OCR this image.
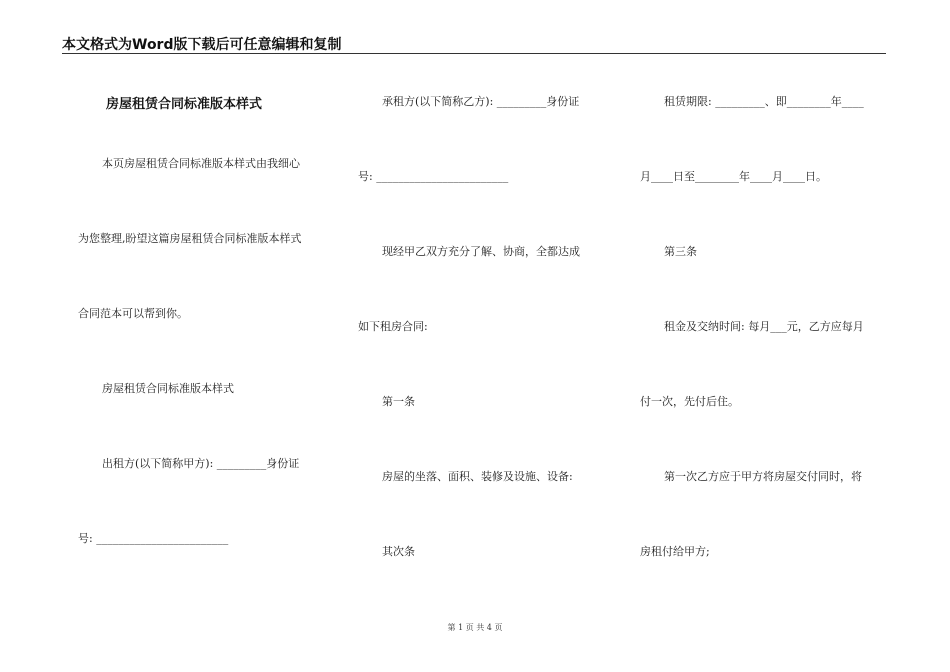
本文格式为Word版下载后可任意编辑和复制
房屋租赁合同标准版本样式
本页房屋租赁合同标准版本样式由我细心
为您整理,盼望这篇房屋租赁合同标准版本样式
合同范本可以帮到你。
房屋租赁合同标准版本样式
出租方(以下简称甲方): _________身份证
号: ________________________
承租方(以下简称乙方): _________身份证
号: ________________________
现经甲乙双方充分了解、协商，全都达成
如下租房合同:
第一条
房屋的坐落、面积、装修及设施、设备:
其次条
租赁期限: _________、即________年____
月____日至________年____月____日。
第三条
租金及交纳时间: 每月___元，乙方应每月
付一次，先付后住。
第一次乙方应于甲方将房屋交付同时，将
房租付给甲方;
第 1 页 共 4 页
